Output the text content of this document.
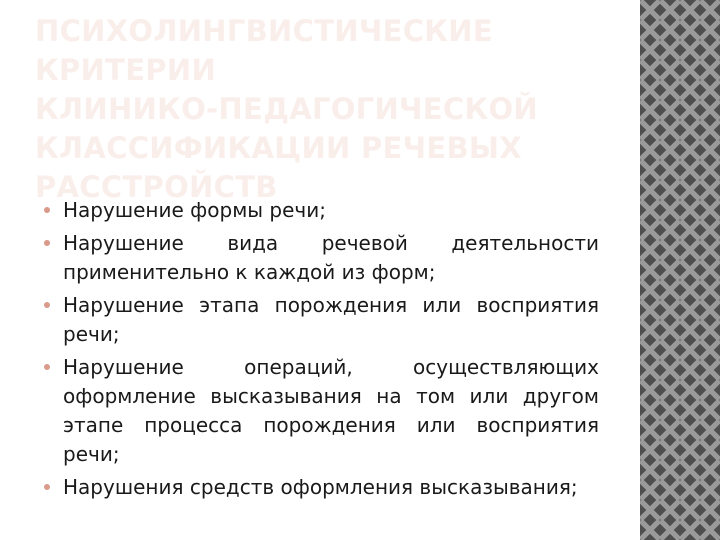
ПСИХОЛИНГВИСТИЧЕСКИЕ
КРИТЕРИИ
КЛИНИКО-ПЕДАГОГИЧЕСКОЙ
КЛАССИФИКАЦИИ РЕЧЕВЫХ
РАССТРОЙСТВ
Нарушение формы речи;
Нарушение вида речевой деятельности применительно к каждой из форм;
Нарушение этапа порождения или восприятия речи;
Нарушение операций, осуществляющих оформление высказывания на том или другом этапе процесса порождения или восприятия речи;
Нарушения средств оформления высказывания;
